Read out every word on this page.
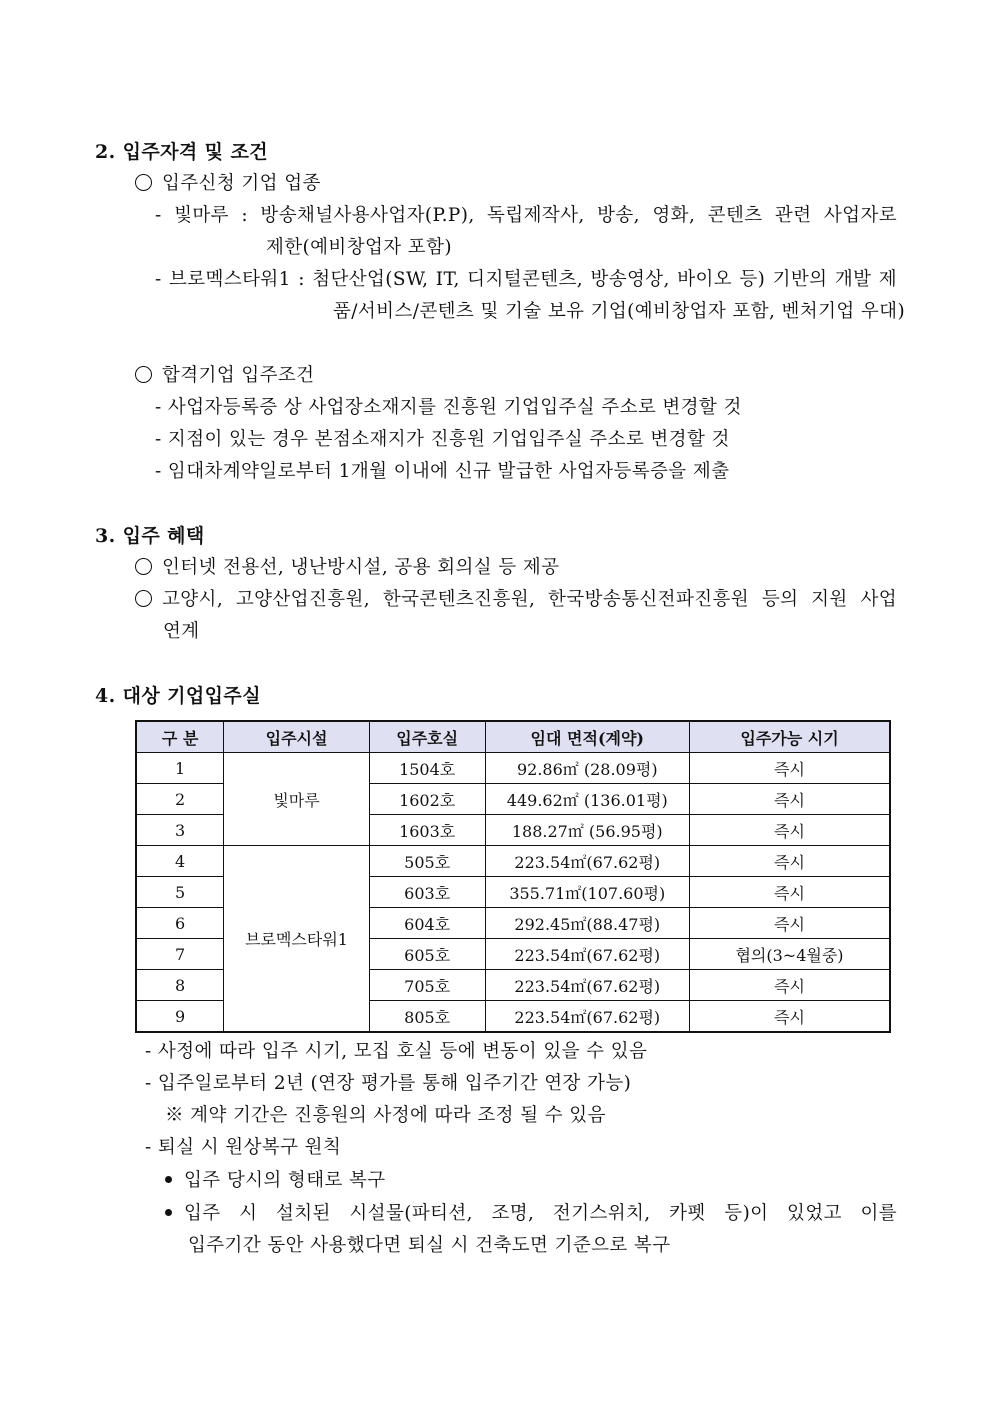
2. 입주자격 및 조건
입주신청 기업 업종
- 빛마루 : 방송채널사용사업자(P.P), 독립제작사, 방송, 영화, 콘텐츠 관련 사업자로
제한(예비창업자 포함)
- 브로멕스타워1 : 첨단산업(SW, IT, 디지털콘텐츠, 방송영상, 바이오 등) 기반의 개발 제
품/서비스/콘텐츠 및 기술 보유 기업(예비창업자 포함, 벤처기업 우대)
합격기업 입주조건
- 사업자등록증 상 사업장소재지를 진흥원 기업입주실 주소로 변경할 것
- 지점이 있는 경우 본점소재지가 진흥원 기업입주실 주소로 변경할 것
- 임대차계약일로부터 1개월 이내에 신규 발급한 사업자등록증을 제출
3. 입주 혜택
인터넷 전용선, 냉난방시설, 공용 회의실 등 제공
고양시, 고양산업진흥원, 한국콘텐츠진흥원, 한국방송통신전파진흥원 등의 지원 사업
연계
4. 대상 기업입주실
구 분	입주시설	입주호실	임대 면적(계약)	입주가능 시기
1	빛마루	1504호	92.86㎡ (28.09평)	즉시
2		1602호	449.62㎡ (136.01평)	즉시
3		1603호	188.27㎡ (56.95평)	즉시
4	브로멕스타워1	505호	223.54㎡(67.62평)	즉시
5		603호	355.71㎡(107.60평)	즉시
6		604호	292.45㎡(88.47평)	즉시
7		605호	223.54㎡(67.62평)	협의(3~4월중)
8		705호	223.54㎡(67.62평)	즉시
9		805호	223.54㎡(67.62평)	즉시
- 사정에 따라 입주 시기, 모집 호실 등에 변동이 있을 수 있음
- 입주일로부터 2년 (연장 평가를 통해 입주기간 연장 가능)
※ 계약 기간은 진흥원의 사정에 따라 조정 될 수 있음
- 퇴실 시 원상복구 원칙
입주 당시의 형태로 복구
입주 시 설치된 시설물(파티션, 조명, 전기스위치, 카펫 등)이 있었고 이를
입주기간 동안 사용했다면 퇴실 시 건축도면 기준으로 복구
